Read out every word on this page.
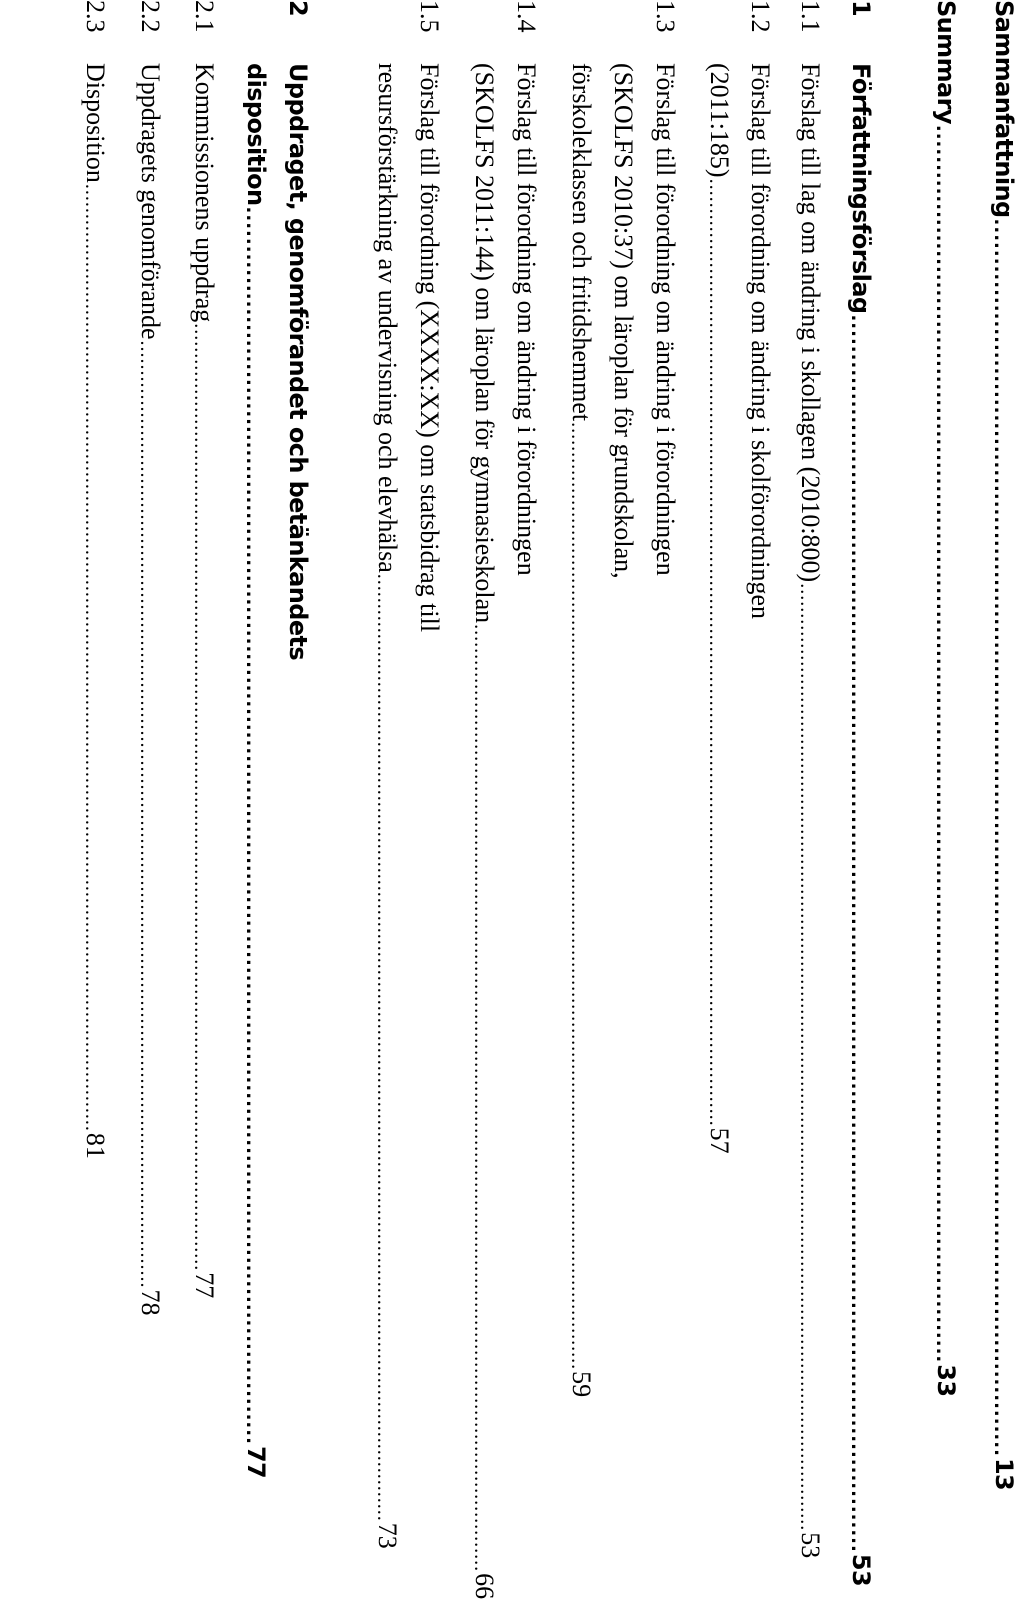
Sammanfattning
..............................................................................................................................................................
13
Summary
..............................................................................................................................................................
33
1
Författningsförslag
..............................................................................................................................................................
53
1.1
Förslag till lag om ändring i skollagen (2010:800)
..............................................................................................................................................................
53
1.2
Förslag till förordning om ändring i skolförordningen
(2011:185)
..............................................................................................................................................................
57
1.3
Förslag till förordning om ändring i förordningen
(SKOLFS 2010:37) om läroplan för grundskolan,
förskoleklassen och fritidshemmet
..............................................................................................................................................................
59
1.4
Förslag till förordning om ändring i förordningen
(SKOLFS 2011:144) om läroplan för gymnasieskolan
..............................................................................................................................................................
66
1.5
Förslag till förordning (XXXX:XX) om statsbidrag till
resursförstärkning av undervisning och elevhälsa
..............................................................................................................................................................
73
2
Uppdraget, genomförandet och betänkandets
disposition
..............................................................................................................................................................
77
2.1
Kommissionens uppdrag
..............................................................................................................................................................
77
2.2
Uppdragets genomförande
..............................................................................................................................................................
78
2.3
Disposition
..............................................................................................................................................................
81
